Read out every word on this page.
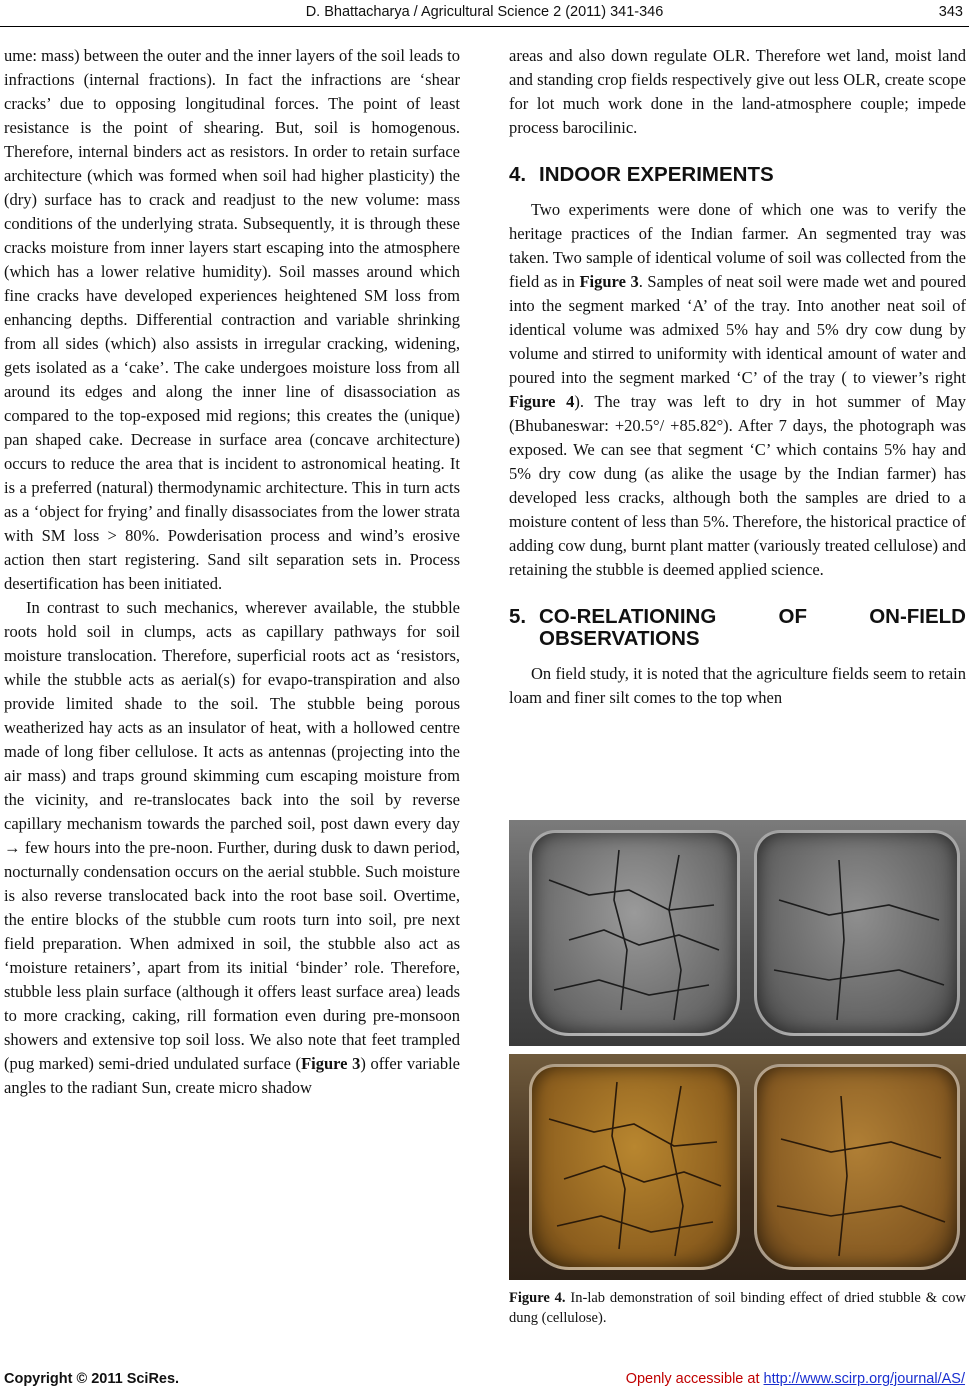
D. Bhattacharya / Agricultural Science 2 (2011) 341-346	343

ume: mass) between the outer and the inner layers of the soil leads to infractions (internal fractions). In fact the infractions are ‘shear cracks’ due to opposing longitudinal forces. The point of least resistance is the point of shearing. But, soil is homogenous. Therefore, internal binders act as resistors. In order to retain surface architecture (which was formed when soil had higher plasticity) the (dry) surface has to crack and readjust to the new volume: mass conditions of the underlying strata. Subsequently, it is through these cracks moisture from inner layers start escaping into the atmosphere (which has a lower relative humidity). Soil masses around which fine cracks have developed experiences heightened SM loss from enhancing depths. Differential contraction and variable shrinking from all sides (which) also assists in irregular cracking, widening, gets isolated as a ‘cake’. The cake undergoes moisture loss from all around its edges and along the inner line of disassociation as compared to the top-exposed mid regions; this creates the (unique) pan shaped cake. Decrease in surface area (concave architecture) occurs to reduce the area that is incident to astronomical heating. It is a preferred (natural) thermodynamic architecture. This in turn acts as a ‘object for frying’ and finally disassociates from the lower strata with SM loss > 80%. Powderisation process and wind’s erosive action then start registering. Sand silt separation sets in. Process desertification has been initiated.

In contrast to such mechanics, wherever available, the stubble roots hold soil in clumps, acts as capillary pathways for soil moisture translocation. Therefore, superficial roots act as ‘resistors, while the stubble acts as aerial(s) for evapo-transpiration and also provide limited shade to the soil. The stubble being porous weatherized hay acts as an insulator of heat, with a hollowed centre made of long fiber cellulose. It acts as antennas (projecting into the air mass) and traps ground skimming cum escaping moisture from the vicinity, and re-translocates back into the soil by reverse capillary mechanism towards the parched soil, post dawn every day → few hours into the pre-noon. Further, during dusk to dawn period, nocturnally condensation occurs on the aerial stubble. Such moisture is also reverse translocated back into the root base soil. Overtime, the entire blocks of the stubble cum roots turn into soil, pre next field preparation. When admixed in soil, the stubble also act as ‘moisture retainers’, apart from its initial ‘binder’ role. Therefore, stubble less plain surface (although it offers least surface area) leads to more cracking, caking, rill formation even during pre-monsoon showers and extensive top soil loss. We also note that feet trampled (pug marked) semi-dried undulated surface (Figure 3) offer variable angles to the radiant Sun, create micro shadow

areas and also down regulate OLR. Therefore wet land, moist land and standing crop fields respectively give out less OLR, create scope for lot much work done in the land-atmosphere couple; impede process barocilinic.

4. INDOOR EXPERIMENTS

Two experiments were done of which one was to verify the heritage practices of the Indian farmer. An segmented tray was taken. Two sample of identical volume of soil was collected from the field as in Figure 3. Samples of neat soil were made wet and poured into the segment marked ‘A’ of the tray. Into another neat soil of identical volume was admixed 5% hay and 5% dry cow dung by volume and stirred to uniformity with identical amount of water and poured into the segment marked ‘C’ of the tray ( to viewer’s right Figure 4). The tray was left to dry in hot summer of May (Bhubaneswar: +20.5°/ +85.82°). After 7 days, the photograph was exposed. We can see that segment ‘C’ which contains 5% hay and 5% dry cow dung (as alike the usage by the Indian farmer) has developed less cracks, although both the samples are dried to a moisture content of less than 5%. Therefore, the historical practice of adding cow dung, burnt plant matter (variously treated cellulose) and retaining the stubble is deemed applied science.

5. CO-RELATIONING OF ON-FIELD OBSERVATIONS

On field study, it is noted that the agriculture fields seem to retain loam and finer silt comes to the top when

Figure 4. In-lab demonstration of soil binding effect of dried stubble & cow dung (cellulose).
Copyright © 2011 SciRes.	Openly accessible at http://www.scirp.org/journal/AS/
